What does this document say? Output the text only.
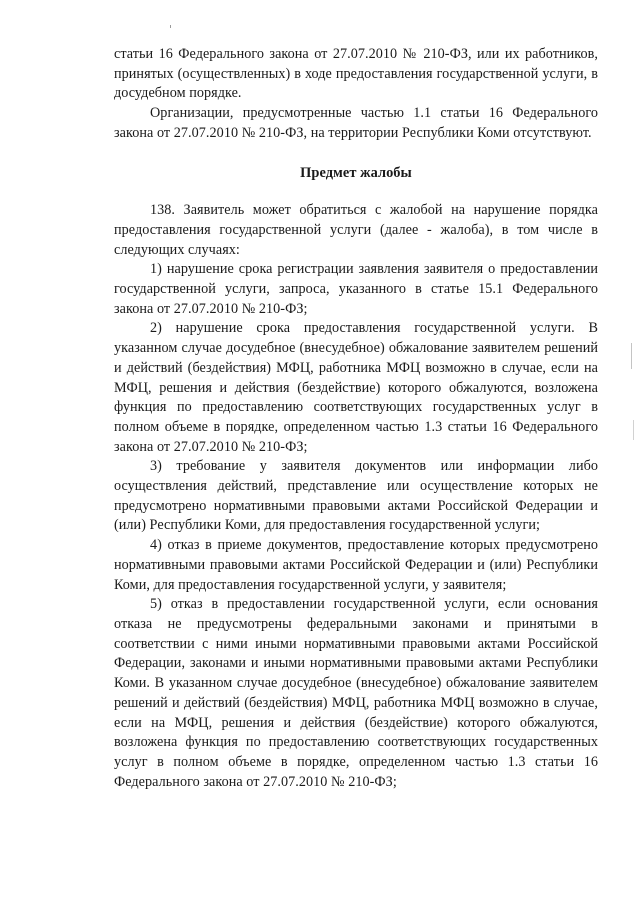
статьи 16 Федерального закона от 27.07.2010 № 210-ФЗ, или их работников, принятых (осуществленных) в ходе предоставления государственной услуги, в досудебном порядке.

Организации, предусмотренные частью 1.1 статьи 16 Федерального закона от 27.07.2010 № 210-ФЗ, на территории Республики Коми отсутствуют.

Предмет жалобы

138. Заявитель может обратиться с жалобой на нарушение порядка предоставления государственной услуги (далее - жалоба), в том числе в следующих случаях:

1) нарушение срока регистрации заявления заявителя о предоставлении государственной услуги, запроса, указанного в статье 15.1 Федерального закона от 27.07.2010 № 210-ФЗ;

2) нарушение срока предоставления государственной услуги. В указанном случае досудебное (внесудебное) обжалование заявителем решений и действий (бездействия) МФЦ, работника МФЦ возможно в случае, если на МФЦ, решения и действия (бездействие) которого обжалуются, возложена функция по предоставлению соответствующих государственных услуг в полном объеме в порядке, определенном частью 1.3 статьи 16 Федерального закона от 27.07.2010 № 210-ФЗ;

3) требование у заявителя документов или информации либо осуществления действий, представление или осуществление которых не предусмотрено нормативными правовыми актами Российской Федерации и (или) Республики Коми, для предоставления государственной услуги;

4) отказ в приеме документов, предоставление которых предусмотрено нормативными правовыми актами Российской Федерации и (или) Республики Коми, для предоставления государственной услуги, у заявителя;

5) отказ в предоставлении государственной услуги, если основания отказа не предусмотрены федеральными законами и принятыми в соответствии с ними иными нормативными правовыми актами Российской Федерации, законами и иными нормативными правовыми актами Республики Коми. В указанном случае досудебное (внесудебное) обжалование заявителем решений и действий (бездействия) МФЦ, работника МФЦ возможно в случае, если на МФЦ, решения и действия (бездействие) которого обжалуются, возложена функция по предоставлению соответствующих государственных услуг в полном объеме в порядке, определенном частью 1.3 статьи 16 Федерального закона от 27.07.2010 № 210-ФЗ;
